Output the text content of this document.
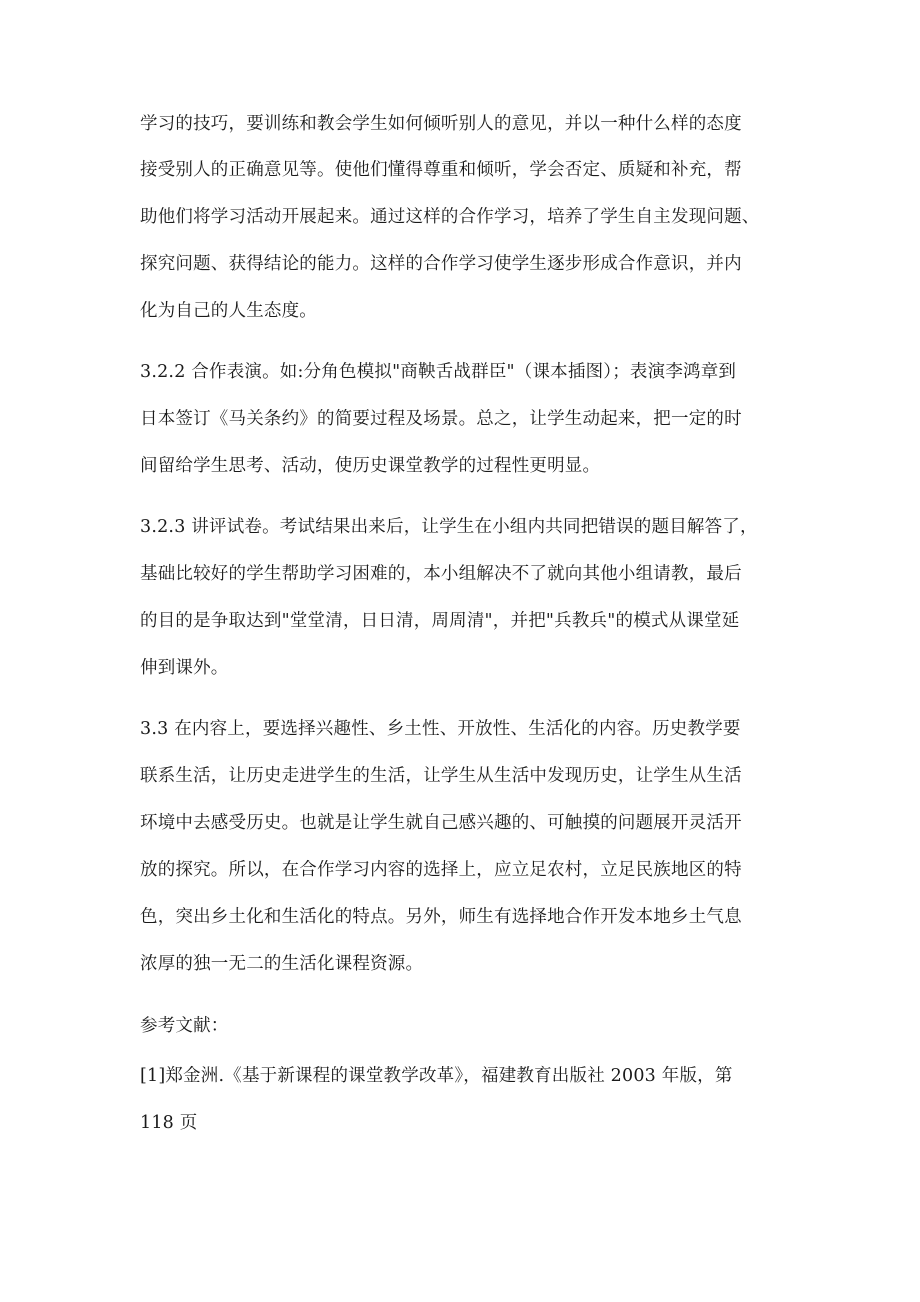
学习的技巧，要训练和教会学生如何倾听别人的意见，并以一种什么样的态度
接受别人的正确意见等。使他们懂得尊重和倾听，学会否定、质疑和补充，帮
助他们将学习活动开展起来。通过这样的合作学习，培养了学生自主发现问题、
探究问题、获得结论的能力。这样的合作学习使学生逐步形成合作意识，并内
化为自己的人生态度。
3.2.2 合作表演。如:分角色模拟"商鞅舌战群臣"（课本插图）；表演李鸿章到
日本签订《马关条约》的简要过程及场景。总之，让学生动起来，把一定的时
间留给学生思考、活动，使历史课堂教学的过程性更明显。
3.2.3 讲评试卷。考试结果出来后，让学生在小组内共同把错误的题目解答了，
基础比较好的学生帮助学习困难的，本小组解决不了就向其他小组请教，最后
的目的是争取达到"堂堂清，日日清，周周清"，并把"兵教兵"的模式从课堂延
伸到课外。
3.3 在内容上，要选择兴趣性、乡土性、开放性、生活化的内容。历史教学要
联系生活，让历史走进学生的生活，让学生从生活中发现历史，让学生从生活
环境中去感受历史。也就是让学生就自己感兴趣的、可触摸的问题展开灵活开
放的探究。所以，在合作学习内容的选择上，应立足农村，立足民族地区的特
色，突出乡土化和生活化的特点。另外，师生有选择地合作开发本地乡土气息
浓厚的独一无二的生活化课程资源。
参考文献：
[1]郑金洲.《基于新课程的课堂教学改革》，福建教育出版社 2003 年版，第
118 页
